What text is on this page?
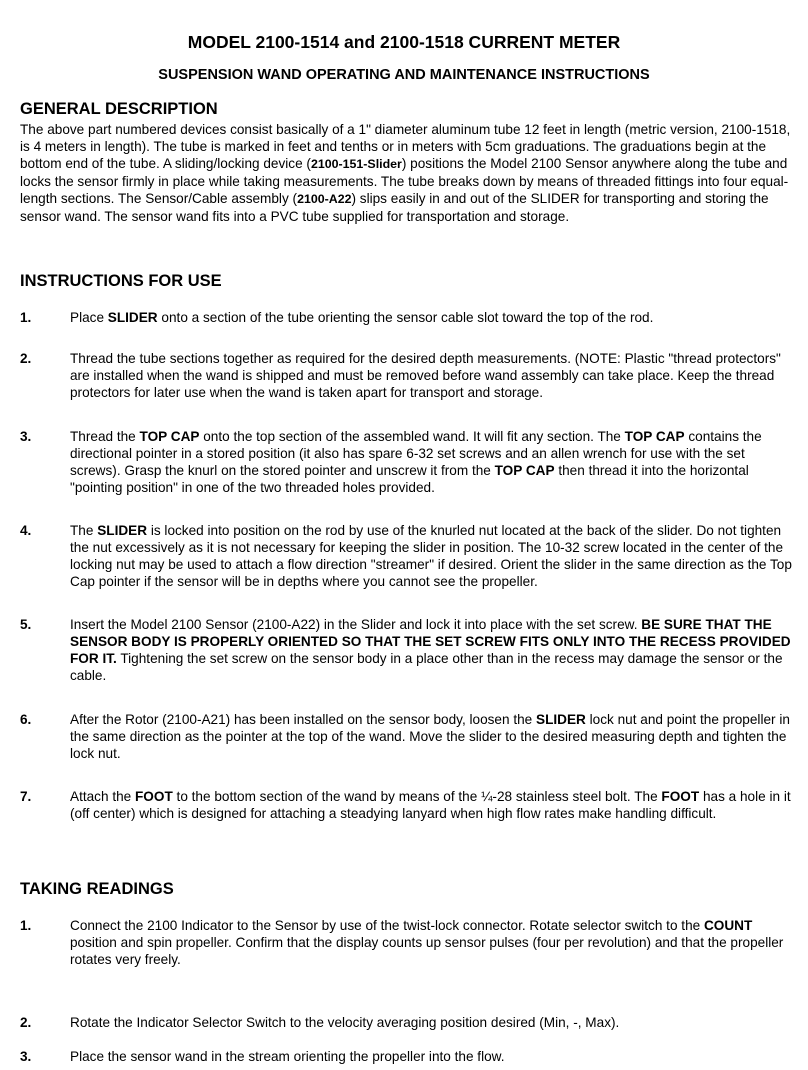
MODEL 2100-1514 and 2100-1518 CURRENT METER
SUSPENSION WAND OPERATING AND MAINTENANCE INSTRUCTIONS
GENERAL DESCRIPTION

The above part numbered devices consist basically of a 1" diameter aluminum tube 12 feet in length (metric version, 2100-1518, is 4 meters in length). The tube is marked in feet and tenths or in meters with 5cm graduations. The graduations begin at the bottom end of the tube. A sliding/locking device (2100-151-Slider) positions the Model 2100 Sensor anywhere along the tube and locks the sensor firmly in place while taking measurements. The tube breaks down by means of threaded fittings into four equal-length sections. The Sensor/Cable assembly (2100-A22) slips easily in and out of the SLIDER for transporting and storing the sensor wand. The sensor wand fits into a PVC tube supplied for transportation and storage.

INSTRUCTIONS FOR USE
1.	Place SLIDER onto a section of the tube orienting the sensor cable slot toward the top of the rod.

2.	Thread the tube sections together as required for the desired depth measurements. (NOTE: Plastic "thread protectors" are installed when the wand is shipped and must be removed before wand assembly can take place. Keep the thread protectors for later use when the wand is taken apart for transport and storage.

3.	Thread the TOP CAP onto the top section of the assembled wand. It will fit any section. The TOP CAP contains the directional pointer in a stored position (it also has spare 6-32 set screws and an allen wrench for use with the set screws). Grasp the knurl on the stored pointer and unscrew it from the TOP CAP then thread it into the horizontal "pointing position" in one of the two threaded holes provided.

4.	The SLIDER is locked into position on the rod by use of the knurled nut located at the back of the slider. Do not tighten the nut excessively as it is not necessary for keeping the slider in position. The 10-32 screw located in the center of the locking nut may be used to attach a flow direction "streamer" if desired. Orient the slider in the same direction as the Top Cap pointer if the sensor will be in depths where you cannot see the propeller.

5.	Insert the Model 2100 Sensor (2100-A22) in the Slider and lock it into place with the set screw. BE SURE THAT THE SENSOR BODY IS PROPERLY ORIENTED SO THAT THE SET SCREW FITS ONLY INTO THE RECESS PROVIDED FOR IT. Tightening the set screw on the sensor body in a place other than in the recess may damage the sensor or the cable.

6.	After the Rotor (2100-A21) has been installed on the sensor body, loosen the SLIDER lock nut and point the propeller in the same direction as the pointer at the top of the wand. Move the slider to the desired measuring depth and tighten the lock nut.

7.	Attach the FOOT to the bottom section of the wand by means of the ¼-28 stainless steel bolt. The FOOT has a hole in it (off center) which is designed for attaching a steadying lanyard when high flow rates make handling difficult.

TAKING READINGS
1.	Connect the 2100 Indicator to the Sensor by use of the twist-lock connector. Rotate selector switch to the COUNT position and spin propeller. Confirm that the display counts up sensor pulses (four per revolution) and that the propeller rotates very freely.

2.	Rotate the Indicator Selector Switch to the velocity averaging position desired (Min, -, Max).

3.	Place the sensor wand in the stream orienting the propeller into the flow.
